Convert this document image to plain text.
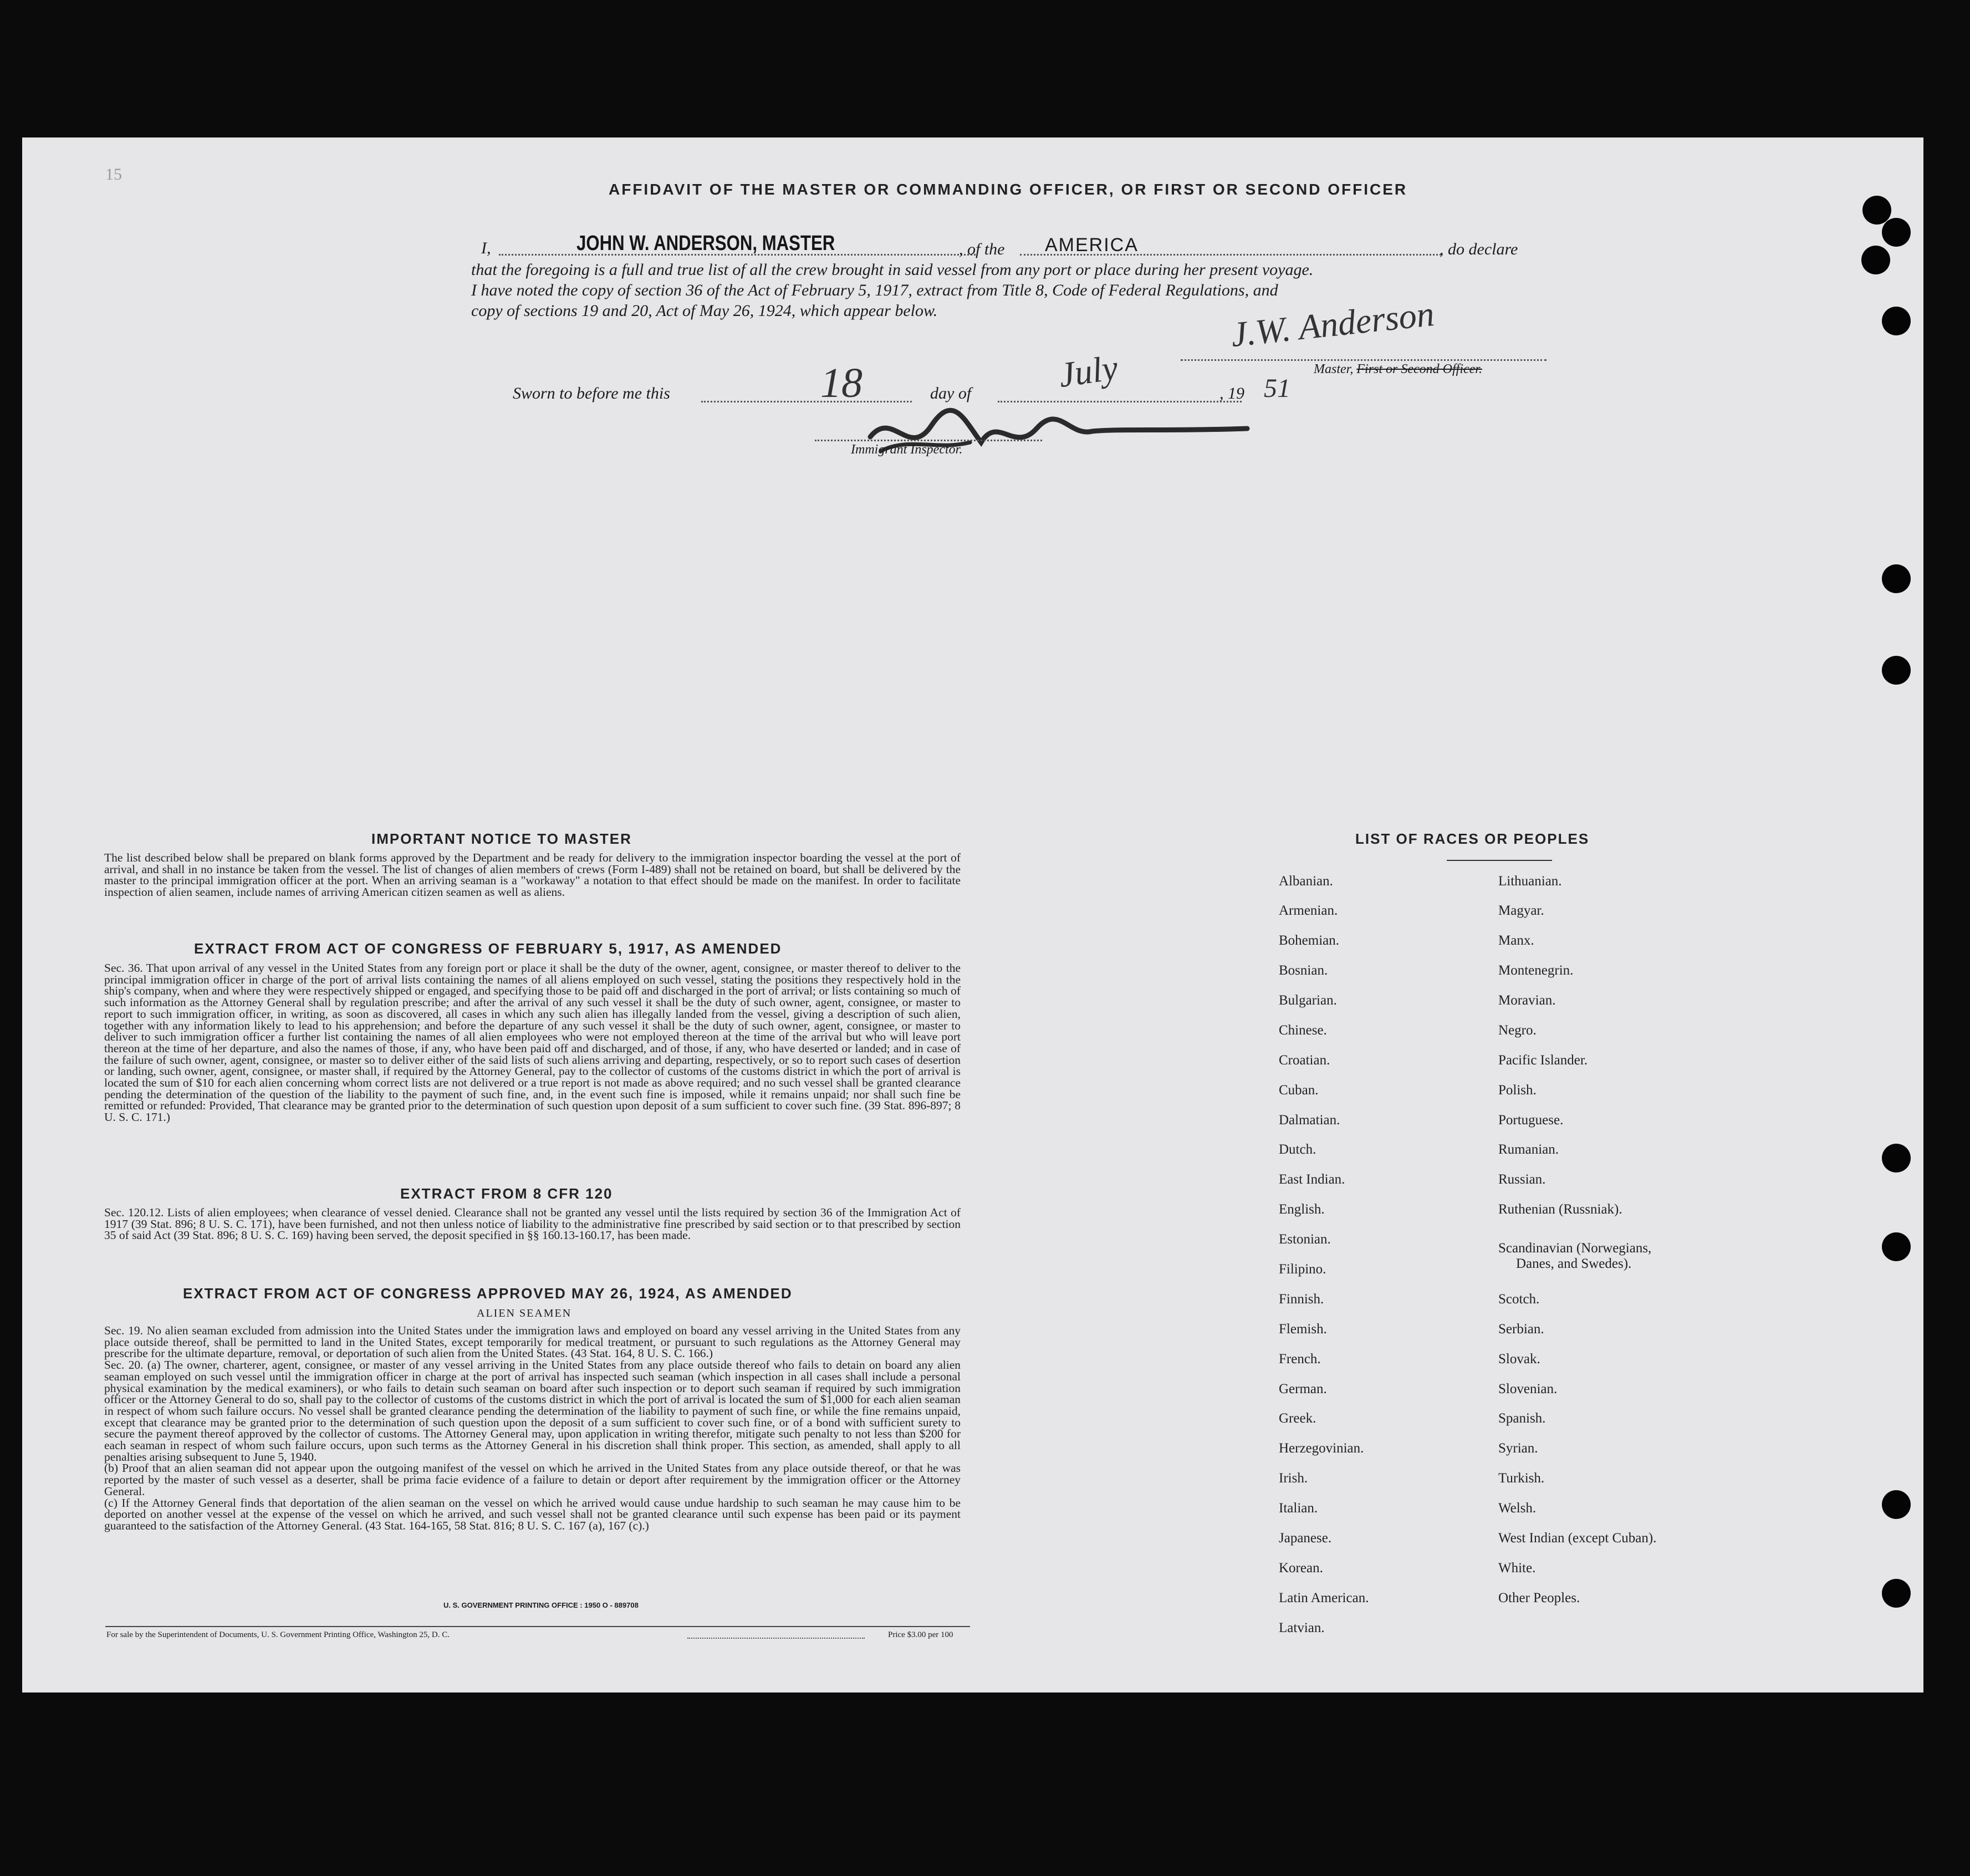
15
AFFIDAVIT OF THE MASTER OR COMMANDING OFFICER, OR FIRST OR SECOND OFFICER
I,	JOHN W. ANDERSON, MASTER	, of the AMERICA	, do declare
that the foregoing is a full and true list of all the crew brought in said vessel from any port or place during her present voyage.
I have noted the copy of section 36 of the Act of February 5, 1917, extract from Title 8, Code of Federal Regulations, and
copy of sections 19 and 20, Act of May 26, 1924, which appear below.	J.W. Anderson
Master, First or Second Officer.
Sworn to before me this	18	day of July	, 19 51
Immigrant Inspector.
IMPORTANT NOTICE TO MASTER

The list described below shall be prepared on blank forms approved by the Department and be ready for delivery to the immigration inspector boarding the vessel at the port of arrival, and shall in no instance be taken from the vessel. The list of changes of alien members of crews (Form I-489) shall not be retained on board, but shall be delivered by the master to the principal immigration officer at the port. When an arriving seaman is a "workaway" a notation to that effect should be made on the manifest. In order to facilitate inspection of alien seamen, include names of arriving American citizen seamen as well as aliens.

EXTRACT FROM ACT OF CONGRESS OF FEBRUARY 5, 1917, AS AMENDED

Sec. 36. That upon arrival of any vessel in the United States from any foreign port or place it shall be the duty of the owner, agent, consignee, or master thereof to deliver to the principal immigration officer in charge of the port of arrival lists containing the names of all aliens employed on such vessel, stating the positions they respectively hold in the ship's company, when and where they were respectively shipped or engaged, and specifying those to be paid off and discharged in the port of arrival; or lists containing so much of such information as the Attorney General shall by regulation prescribe; and after the arrival of any such vessel it shall be the duty of such owner, agent, consignee, or master to report to such immigration officer, in writing, as soon as discovered, all cases in which any such alien has illegally landed from the vessel, giving a description of such alien, together with any information likely to lead to his apprehension; and before the departure of any such vessel it shall be the duty of such owner, agent, consignee, or master to deliver to such immigration officer a further list containing the names of all alien employees who were not employed thereon at the time of the arrival but who will leave port thereon at the time of her departure, and also the names of those, if any, who have been paid off and discharged, and of those, if any, who have deserted or landed; and in case of the failure of such owner, agent, consignee, or master so to deliver either of the said lists of such aliens arriving and departing, respectively, or so to report such cases of desertion or landing, such owner, agent, consignee, or master shall, if required by the Attorney General, pay to the collector of customs of the customs district in which the port of arrival is located the sum of $10 for each alien concerning whom correct lists are not delivered or a true report is not made as above required; and no such vessel shall be granted clearance pending the determination of the question of the liability to the payment of such fine, and, in the event such fine is imposed, while it remains unpaid; nor shall such fine be remitted or refunded: Provided, That clearance may be granted prior to the determination of such question upon deposit of a sum sufficient to cover such fine. (39 Stat. 896-897; 8 U. S. C. 171.)

EXTRACT FROM 8 CFR 120

Sec. 120.12. Lists of alien employees; when clearance of vessel denied. Clearance shall not be granted any vessel until the lists required by section 36 of the Immigration Act of 1917 (39 Stat. 896; 8 U. S. C. 171), have been furnished, and not then unless notice of liability to the administrative fine prescribed by said section or to that prescribed by section 35 of said Act (39 Stat. 896; 8 U. S. C. 169) having been served, the deposit specified in §§ 160.13-160.17, has been made.

EXTRACT FROM ACT OF CONGRESS APPROVED MAY 26, 1924, AS AMENDED
ALIEN SEAMEN

Sec. 19. No alien seaman excluded from admission into the United States under the immigration laws and employed on board any vessel arriving in the United States from any place outside thereof, shall be permitted to land in the United States, except temporarily for medical treatment, or pursuant to such regulations as the Attorney General may prescribe for the ultimate departure, removal, or deportation of such alien from the United States. (43 Stat. 164, 8 U. S. C. 166.)

Sec. 20. (a) The owner, charterer, agent, consignee, or master of any vessel arriving in the United States from any place outside thereof who fails to detain on board any alien seaman employed on such vessel until the immigration officer in charge at the port of arrival has inspected such seaman (which inspection in all cases shall include a personal physical examination by the medical examiners), or who fails to detain such seaman on board after such inspection or to deport such seaman if required by such immigration officer or the Attorney General to do so, shall pay to the collector of customs of the customs district in which the port of arrival is located the sum of $1,000 for each alien seaman in respect of whom such failure occurs. No vessel shall be granted clearance pending the determination of the liability to payment of such fine, or while the fine remains unpaid, except that clearance may be granted prior to the determination of such question upon the deposit of a sum sufficient to cover such fine, or of a bond with sufficient surety to secure the payment thereof approved by the collector of customs. The Attorney General may, upon application in writing therefor, mitigate such penalty to not less than $200 for each seaman in respect of whom such failure occurs, upon such terms as the Attorney General in his discretion shall think proper. This section, as amended, shall apply to all penalties arising subsequent to June 5, 1940.

(b) Proof that an alien seaman did not appear upon the outgoing manifest of the vessel on which he arrived in the United States from any place outside thereof, or that he was reported by the master of such vessel as a deserter, shall be prima facie evidence of a failure to detain or deport after requirement by the immigration officer or the Attorney General.

(c) If the Attorney General finds that deportation of the alien seaman on the vessel on which he arrived would cause undue hardship to such seaman he may cause him to be deported on another vessel at the expense of the vessel on which he arrived, and such vessel shall not be granted clearance until such expense has been paid or its payment guaranteed to the satisfaction of the Attorney General. (43 Stat. 164-165, 58 Stat. 816; 8 U. S. C. 167 (a), 167 (c).)

U. S. GOVERNMENT PRINTING OFFICE : 1950 O - 889708
For sale by the Superintendent of Documents, U. S. Government Printing Office, Washington 25, D. C.	Price $3.00 per 100
LIST OF RACES OR PEOPLES
Albanian.
Armenian.
Bohemian.
Bosnian.
Bulgarian.
Chinese.
Croatian.
Cuban.
Dalmatian.
Dutch.
East Indian.
English.
Estonian.
Filipino.
Finnish.
Flemish.
French.
German.
Greek.
Herzegovinian.
Irish.
Italian.
Japanese.
Korean.
Latin American.
Latvian.
Lithuanian.
Magyar.
Manx.
Montenegrin.
Moravian.
Negro.
Pacific Islander.
Polish.
Portuguese.
Rumanian.
Russian.
Ruthenian (Russniak).
Scandinavian (Norwegians,
Danes, and Swedes).
Scotch.
Serbian.
Slovak.
Slovenian.
Spanish.
Syrian.
Turkish.
Welsh.
West Indian (except Cuban).
White.
Other Peoples.
